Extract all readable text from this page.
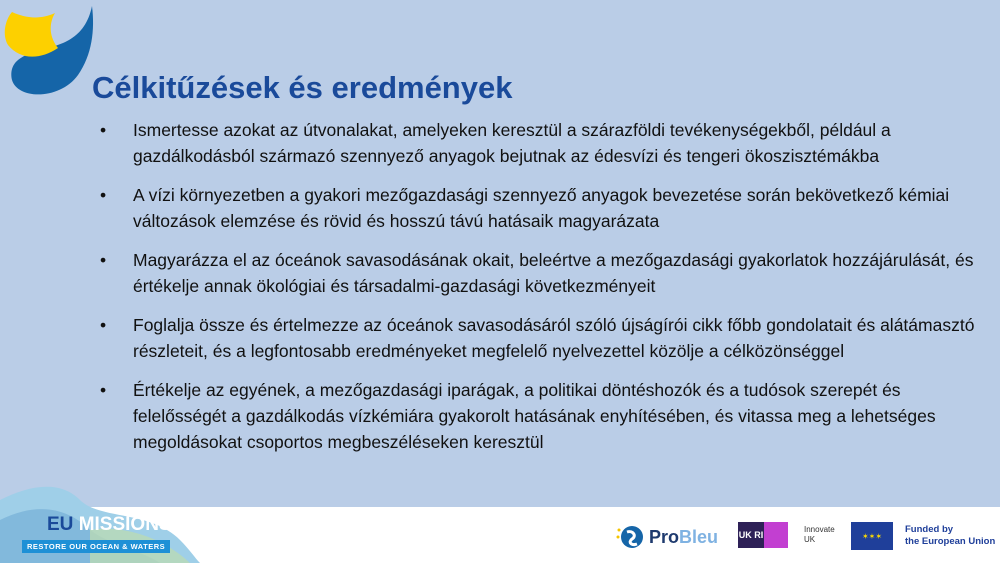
Célkitűzések és eredmények
• Ismertesse azokat az útvonalakat, amelyeken keresztül a szárazföldi tevékenységekből, például a gazdálkodásból származó szennyező anyagok bejutnak az édesvízi és tengeri ökoszisztémákba
• A vízi környezetben a gyakori mezőgazdasági szennyező anyagok bevezetése során bekövetkező kémiai változások elemzése és rövid és hosszú távú hatásaik magyarázata
• Magyarázza el az óceánok savasodásának okait, beleértve a mezőgazdasági gyakorlatok hozzájárulását, és értékelje annak ökológiai és társadalmi-gazdasági következményeit
• Foglalja össze és értelmezze az óceánok savasodásáról szóló újságírói cikk főbb gondolatait és alátámasztó részleteit, és a legfontosabb eredményeket megfelelő nyelvezettel közölje a célközönséggel
• Értékelje az egyének, a mezőgazdasági iparágak, a politikai döntéshozók és a tudósok szerepét és felelősségét a gazdálkodás vízkémiára gyakorolt hatásának enyhítésében, és vitassa meg a lehetséges megoldásokat csoportos megbeszéléseken keresztül
EU MISSIONS
RESTORE OUR OCEAN & WATERS	ProBleu UK RI
Innovate
UK	✶✶✶
Funded by
the European Union
